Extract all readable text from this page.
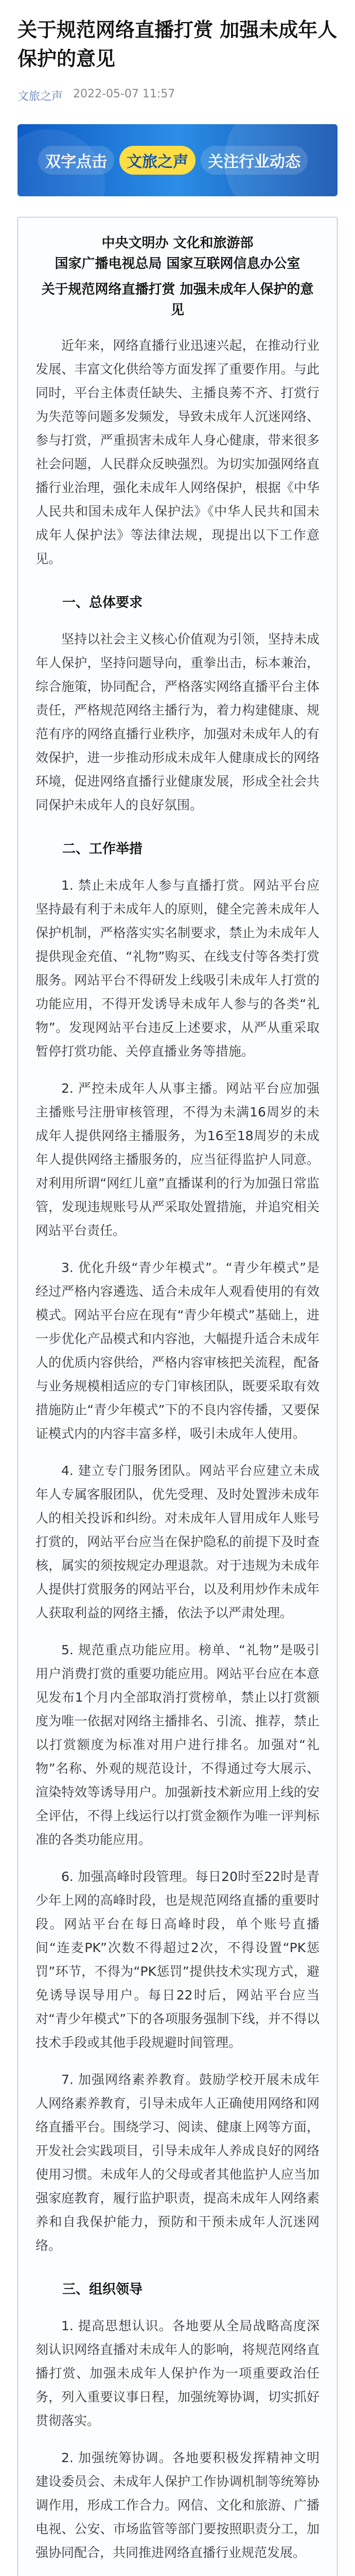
关于规范网络直播打赏 加强未成年人保护的意见
文旅之声 2022-05-07 11:57
双字点击	文旅之声	关注行业动态

中央文明办 文化和旅游部

国家广播电视总局 国家互联网信息办公室

关于规范网络直播打赏 加强未成年人保护的意见

近年来，网络直播行业迅速兴起，在推动行业发展、丰富文化供给等方面发挥了重要作用。与此同时，平台主体责任缺失、主播良莠不齐、打赏行为失范等问题多发频发，导致未成年人沉迷网络、参与打赏，严重损害未成年人身心健康，带来很多社会问题，人民群众反映强烈。为切实加强网络直播行业治理，强化未成年人网络保护，根据《中华人民共和国未成年人保护法》《中华人民共和国未成年人保护法》等法律法规，现提出以下工作意见。

一、总体要求

坚持以社会主义核心价值观为引领，坚持未成年人保护，坚持问题导向，重拳出击，标本兼治，综合施策，协同配合，严格落实网络直播平台主体责任，严格规范网络主播行为，着力构建健康、规范有序的网络直播行业秩序，加强对未成年人的有效保护，进一步推动形成未成年人健康成长的网络环境，促进网络直播行业健康发展，形成全社会共同保护未成年人的良好氛围。

二、工作举措

1. 禁止未成年人参与直播打赏。网站平台应坚持最有利于未成年人的原则，健全完善未成年人保护机制，严格落实实名制要求，禁止为未成年人提供现金充值、“礼物”购买、在线支付等各类打赏服务。网站平台不得研发上线吸引未成年人打赏的功能应用，不得开发诱导未成年人参与的各类“礼物”。发现网站平台违反上述要求，从严从重采取暂停打赏功能、关停直播业务等措施。

2. 严控未成年人从事主播。网站平台应加强主播账号注册审核管理，不得为未满16周岁的未成年人提供网络主播服务，为16至18周岁的未成年人提供网络主播服务的，应当征得监护人同意。对利用所谓“网红儿童”直播谋利的行为加强日常监管，发现违规账号从严采取处置措施，并追究相关网站平台责任。

3. 优化升级“青少年模式”。“青少年模式”是经过严格内容遴选、适合未成年人观看使用的有效模式。网站平台应在现有“青少年模式”基础上，进一步优化产品模式和内容池，大幅提升适合未成年人的优质内容供给，严格内容审核把关流程，配备与业务规模相适应的专门审核团队，既要采取有效措施防止“青少年模式”下的不良内容传播，又要保证模式内的内容丰富多样，吸引未成年人使用。

4. 建立专门服务团队。网站平台应建立未成年人专属客服团队，优先受理、及时处置涉未成年人的相关投诉和纠纷。对未成年人冒用成年人账号打赏的，网站平台应当在保护隐私的前提下及时查核，属实的须按规定办理退款。对于违规为未成年人提供打赏服务的网站平台，以及利用炒作未成年人获取利益的网络主播，依法予以严肃处理。

5. 规范重点功能应用。榜单、“礼物”是吸引用户消费打赏的重要功能应用。网站平台应在本意见发布1个月内全部取消打赏榜单，禁止以打赏额度为唯一依据对网络主播排名、引流、推荐，禁止以打赏额度为标准对用户进行排名。加强对“礼物”名称、外观的规范设计，不得通过夸大展示、渲染特效等诱导用户。加强新技术新应用上线的安全评估，不得上线运行以打赏金额作为唯一评判标准的各类功能应用。

6. 加强高峰时段管理。每日20时至22时是青少年上网的高峰时段，也是规范网络直播的重要时段。网站平台在每日高峰时段，单个账号直播间“连麦PK”次数不得超过2次，不得设置“PK惩罚”环节，不得为“PK惩罚”提供技术实现方式，避免诱导误导用户。每日22时后，网站平台应当对“青少年模式”下的各项服务强制下线，并不得以技术手段或其他手段规避时间管理。

7. 加强网络素养教育。鼓励学校开展未成年人网络素养教育，引导未成年人正确使用网络和网络直播平台。围绕学习、阅读、健康上网等方面，开发社会实践项目，引导未成年人养成良好的网络使用习惯。未成年人的父母或者其他监护人应当加强家庭教育，履行监护职责，提高未成年人网络素养和自我保护能力，预防和干预未成年人沉迷网络。

三、组织领导

1. 提高思想认识。各地要从全局战略高度深刻认识网络直播对未成年人的影响，将规范网络直播打赏、加强未成年人保护作为一项重要政治任务，列入重要议事日程，加强统筹协调，切实抓好贯彻落实。

2. 加强统筹协调。各地要积极发挥精神文明建设委员会、未成年人保护工作协调机制等统筹协调作用，形成工作合力。网信、文化和旅游、广播电视、公安、市场监管等部门要按照职责分工，加强协同配合，共同推进网络直播行业规范发展。
